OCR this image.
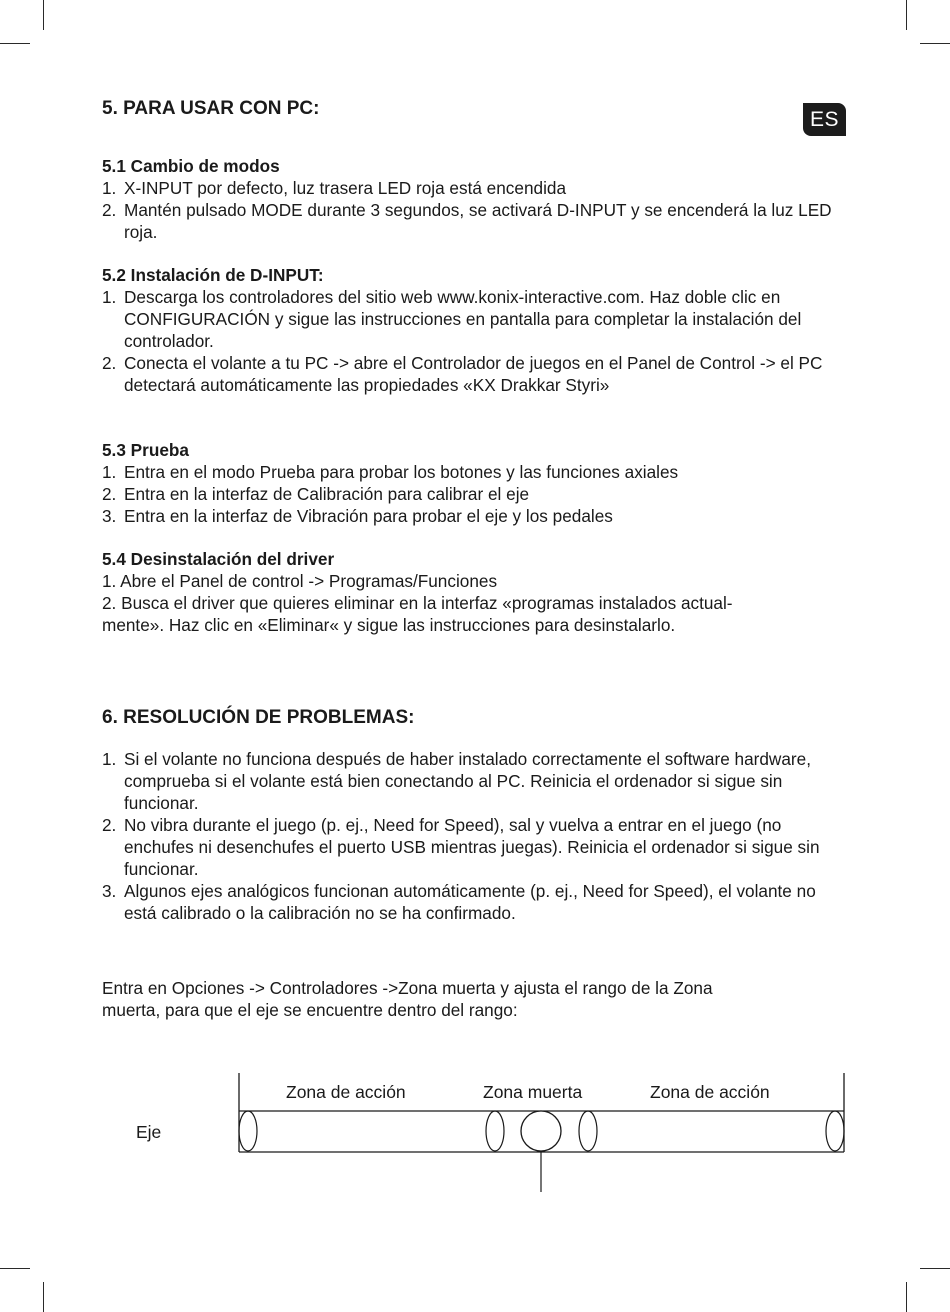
ES
5. PARA USAR CON PC:
5.1 Cambio de modos
1. X-INPUT por defecto, luz trasera LED roja está encendida
2. Mantén pulsado MODE durante 3 segundos, se activará D-INPUT y se encenderá la luz LED roja.
5.2 Instalación de D-INPUT:
1. Descarga los controladores del sitio web www.konix-interactive.com. Haz doble clic en CONFIGURACIÓN y sigue las instrucciones en pantalla para completar la instalación del controlador.
2. Conecta el volante a tu PC -> abre el Controlador de juegos en el Panel de Control -> el PC detectará automáticamente las propiedades «KX Drakkar Styri»
5.3 Prueba
1. Entra en el modo Prueba para probar los botones y las funciones axiales
2. Entra en la interfaz de Calibración para calibrar el eje
3. Entra en la interfaz de Vibración para probar el eje y los pedales
5.4 Desinstalación del driver
1. Abre el Panel de control -> Programas/Funciones
2. Busca el driver que quieres eliminar en la interfaz «programas instalados actual-
mente». Haz clic en «Eliminar« y sigue las instrucciones para desinstalarlo.
6. RESOLUCIÓN DE PROBLEMAS:
1. Si el volante no funciona después de haber instalado correctamente el software hardware, comprueba si el volante está bien conectando al PC. Reinicia el ordenador si sigue sin funcionar.
2. No vibra durante el juego (p. ej., Need for Speed), sal y vuelva a entrar en el juego (no enchufes ni desenchufes el puerto USB mientras juegas). Reinicia el ordenador si sigue sin funcionar.
3. Algunos ejes analógicos funcionan automáticamente (p. ej., Need for Speed), el volante no está calibrado o la calibración no se ha confirmado.
Entra en Opciones -> Controladores ->Zona muerta y ajusta el rango de la Zona
muerta, para que el eje se encuentre dentro del rango:
Zona de acción	Zona muerta	Zona de acción
Eje
